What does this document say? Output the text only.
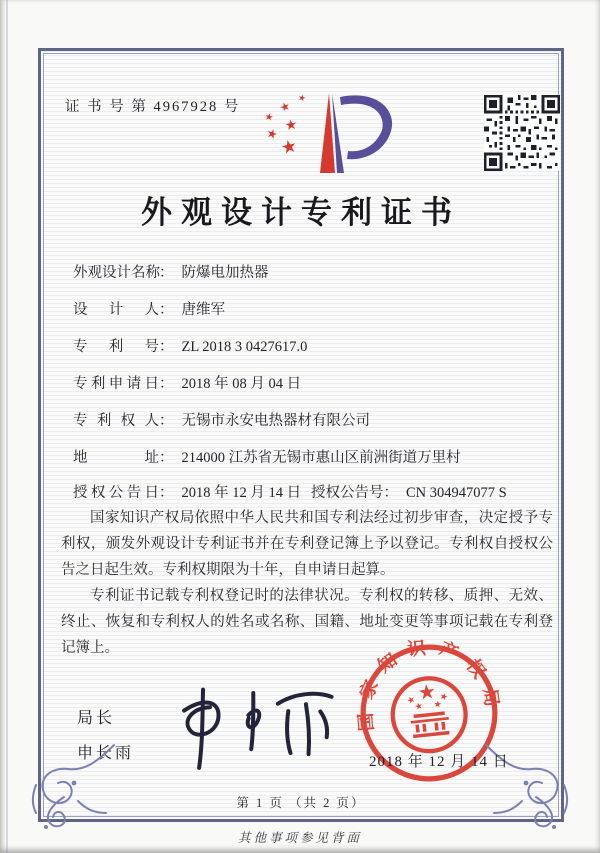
证 书 号 第 4967928 号
外观设计专利证书
外观设计名称： 防爆电加热器
设计人： 唐维军
专利号： ZL 2018 3 0427617.0
专利申请日： 2018 年 08 月 04 日
专利权人： 无锡市永安电热器材有限公司
地址： 214000 江苏省无锡市惠山区前洲街道万里村
授权公告日： 2018 年 12 月 14 日 授权公告号： CN 304947077 S

国家知识产权局依照中华人民共和国专利法经过初步审查，决定授予专利权，颁发外观设计专利证书并在专利登记簿上予以登记。专利权自授权公告之日起生效。专利权期限为十年，自申请日起算。

专利证书记载专利权登记时的法律状况。专利权的转移、质押、无效、终止、恢复和专利权人的姓名或名称、国籍、地址变更等事项记载在专利登记簿上。

局长
申长雨
国家知识产权局
2018 年 12 月 14 日
第 1 页 （共 2 页）
其他事项参见背面
